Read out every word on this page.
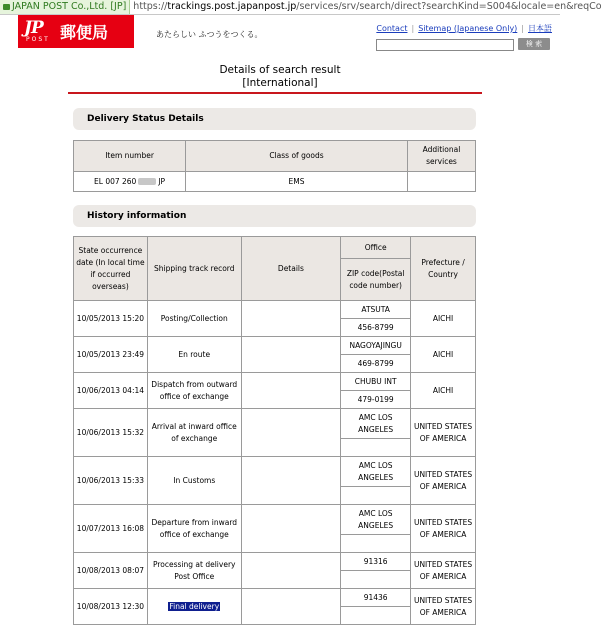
JAPAN POST Co.,Ltd. [JP] https://trackings.post.japanpost.jp/services/srv/search/direct?searchKind=S004&locale=en&reqCo
JP
POST 郵便局	あたらしい ふつうをつくる。
Contact | Sitemap (Japanese Only) | 日本語
検 索
Details of search result
[International]
Delivery Status Details
Item number	Class of goods	Additional services
EL 007 260 JP	EMS	
History information
State occurrence date (In local time if occurred overseas)	Shipping track record	Details	Office	Prefecture / Country
			ZIP code(Postal code number)	
10/05/2013 15:20	Posting/Collection		ATSUTA	AICHI
			456-8799	
10/05/2013 23:49	En route		NAGOYAJINGU	AICHI
			469-8799	
10/06/2013 04:14	Dispatch from outward office of exchange		CHUBU INT	AICHI
			479-0199	
10/06/2013 15:32	Arrival at inward office of exchange		AMC LOS ANGELES	UNITED STATES OF AMERICA

10/06/2013 15:33	In Customs		AMC LOS ANGELES	UNITED STATES OF AMERICA

10/07/2013 16:08	Departure from inward office of exchange		AMC LOS ANGELES	UNITED STATES OF AMERICA

10/08/2013 08:07	Processing at delivery Post Office		91316	UNITED STATES OF AMERICA

10/08/2013 12:30	Final delivery		91436	UNITED STATES OF AMERICA
